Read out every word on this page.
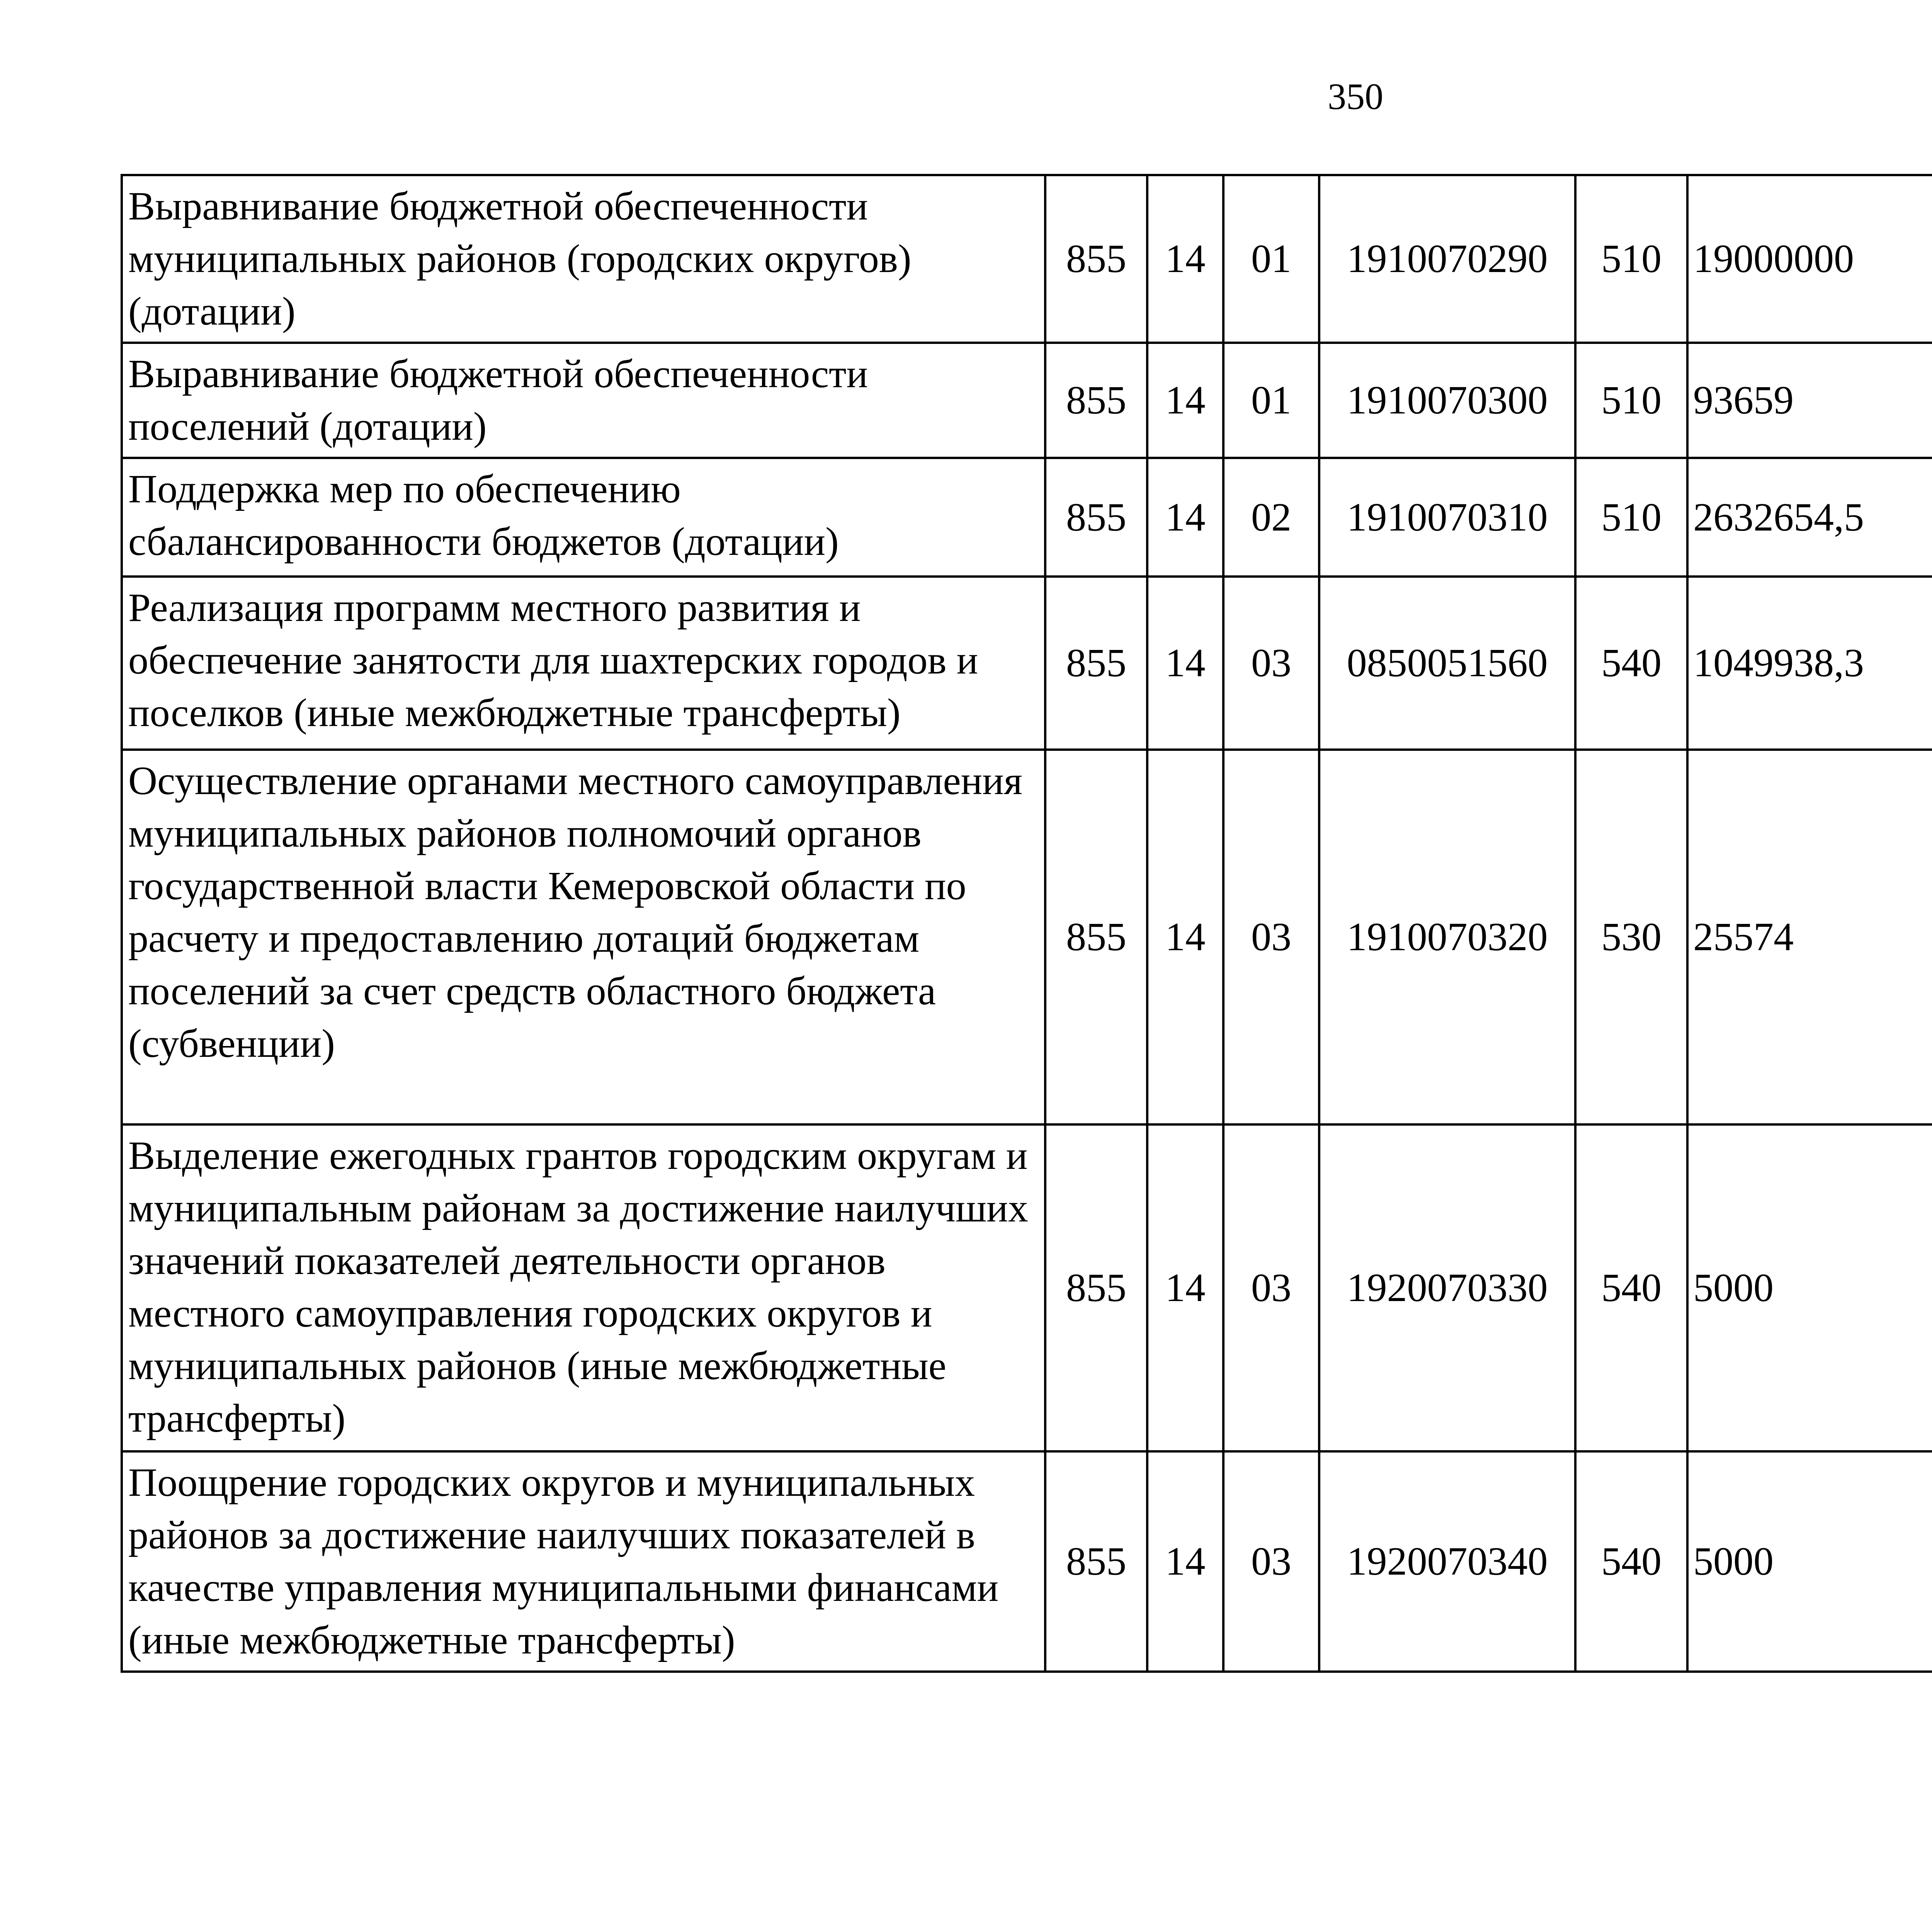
350
Выравнивание бюджетной обеспеченности муниципальных районов (городских округов) (дотации)	855	14	01	1910070290	510	19000000		
Выравнивание бюджетной обеспеченности поселений (дотации)	855	14	01	1910070300	510	93659		
Поддержка мер по обеспечению сбалансированности бюджетов (дотации)	855	14	02	1910070310	510	2632654,5		
Реализация программ местного развития и обеспечение занятости для шахтерских городов и поселков (иные межбюджетные трансферты)	855	14	03	0850051560	540	1049938,3		
Осуществление органами местного самоуправления муниципальных районов полномочий органов государственной власти Кемеровской области по расчету и предоставлению дотаций бюджетам поселений за счет средств областного бюджета (субвенции)	855	14	03	1910070320	530	25574		
Выделение ежегодных грантов городским округам и муниципальным районам за достижение наилучших значений показателей деятельности органов местного самоуправления городских округов и муниципальных районов (иные межбюджетные трансферты)	855	14	03	1920070330	540	5000		
Поощрение городских округов и муниципальных районов за достижение наилучших показателей в качестве управления муниципальными финансами (иные межбюджетные трансферты)	855	14	03	1920070340	540	5000		
